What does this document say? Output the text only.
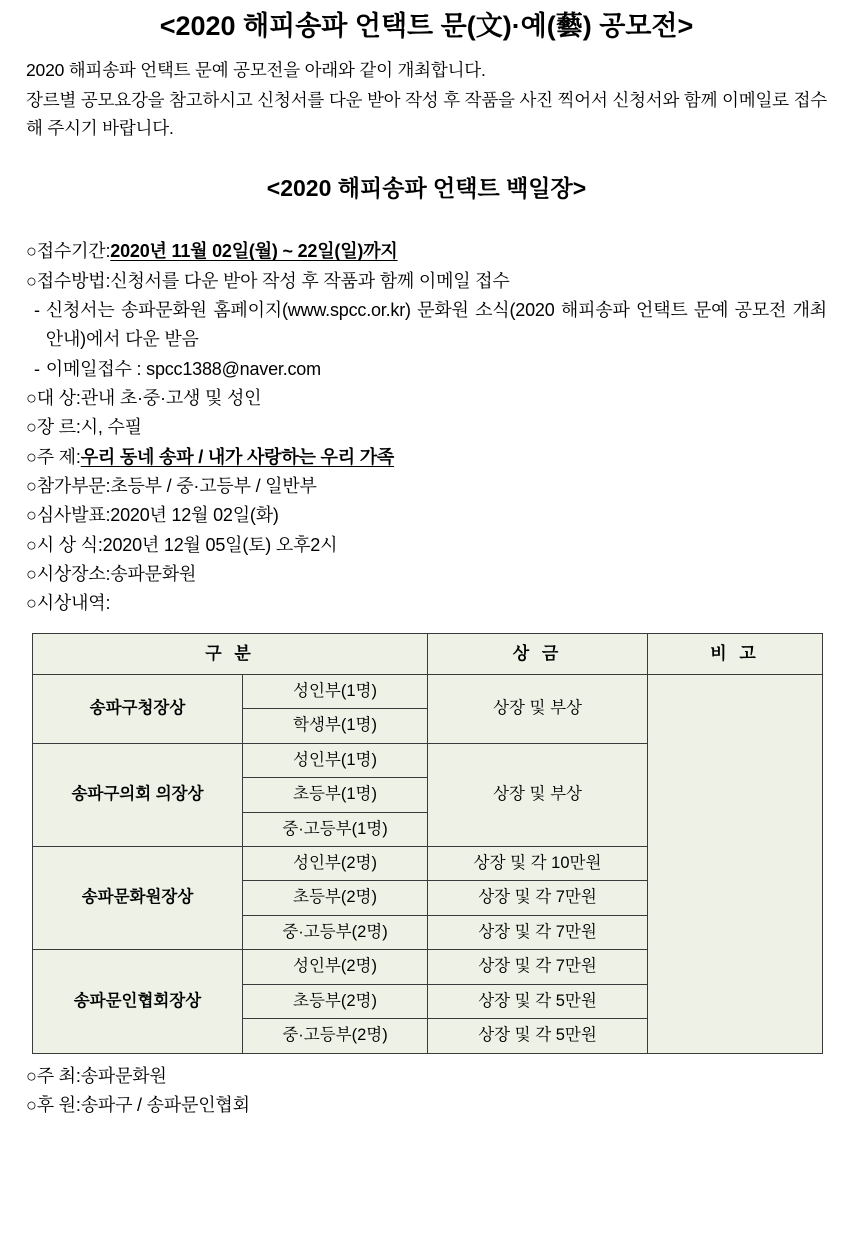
<2020 해피송파 언택트 문(文)·예(藝) 공모전>

2020 해피송파 언택트 문예 공모전을 아래와 같이 개최합니다.

장르별 공모요강을 참고하시고 신청서를 다운 받아 작성 후 작품을 사진 찍어서 신청서와 함께 이메일로 접수 해 주시기 바랍니다.

<2020 해피송파 언택트 백일장>
○ 접수기간 : 2020년 11월 02일(월) ~ 22일(일)까지
○ 접수방법 : 신청서를 다운 받아 작성 후 작품과 함께 이메일 접수
- 신청서는 송파문화원 홈페이지(www.spcc.or.kr) 문화원 소식(2020 해피송파 언택트 문예 공모전 개최 안내)에서 다운 받음
- 이메일접수 : spcc1388@naver.com
○ 대 상 : 관내 초·중·고생 및 성인
○ 장 르 : 시, 수필
○ 주 제 : 우리 동네 송파 / 내가 사랑하는 우리 가족
○ 참가부문 : 초등부 / 중·고등부 / 일반부
○ 심사발표 : 2020년 12월 02일(화)
○ 시 상 식 : 2020년 12월 05일(토) 오후2시
○ 시상장소 : 송파문화원
○ 시상내역 :
구 분		상 금	비 고
송파구청장상	성인부(1명)	상장 및 부상	
	학생부(1명)		
송파구의회 의장상	성인부(1명)	상장 및 부상	
	초등부(1명)		
	중·고등부(1명)		
송파문화원장상	성인부(2명)	상장 및 각 10만원	
	초등부(2명)	상장 및 각 7만원	
	중·고등부(2명)	상장 및 각 7만원	
송파문인협회장상	성인부(2명)	상장 및 각 7만원	
	초등부(2명)	상장 및 각 5만원	
	중·고등부(2명)	상장 및 각 5만원	
○ 주 최 : 송파문화원
○ 후 원 : 송파구 / 송파문인협회
